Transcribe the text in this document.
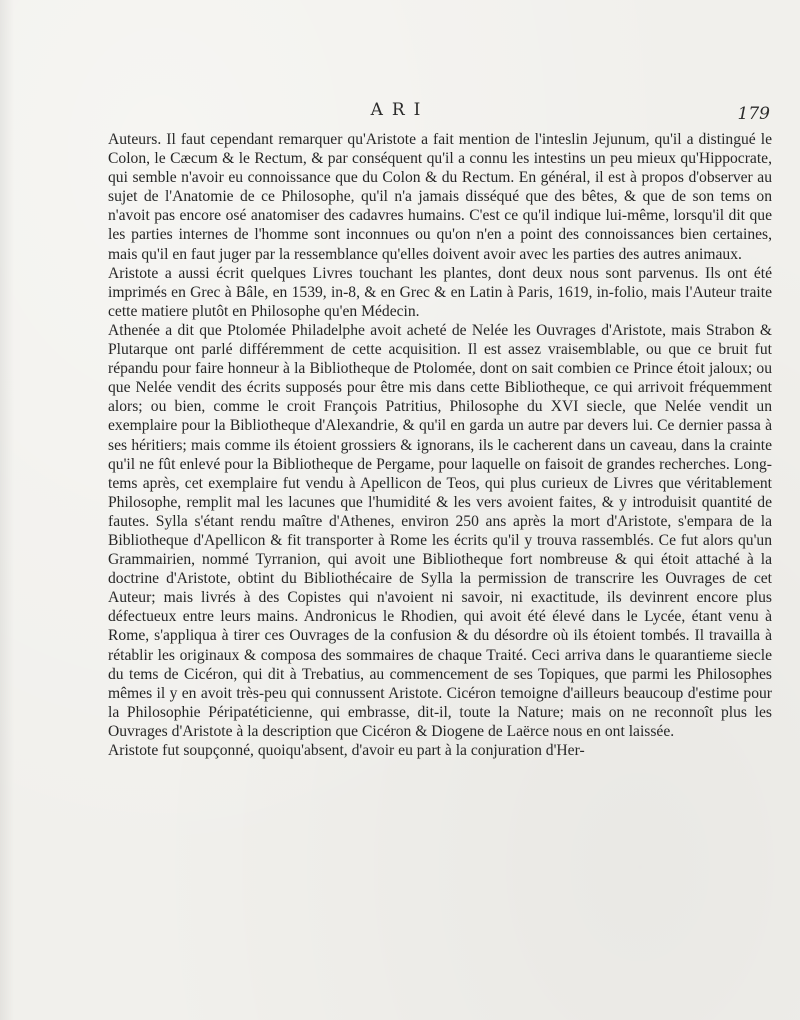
ARI	179

Auteurs. Il faut cependant remarquer qu'Aristote a fait mention de l'inteslin Jejunum, qu'il a distingué le Colon, le Cæcum & le Rectum, & par conséquent qu'il a connu les intestins un peu mieux qu'Hippocrate, qui semble n'avoir eu connoissance que du Colon & du Rectum. En général, il est à propos d'observer au sujet de l'Anatomie de ce Philosophe, qu'il n'a jamais disséqué que des bêtes, & que de son tems on n'avoit pas encore osé anatomiser des cadavres humains. C'est ce qu'il indique lui-même, lorsqu'il dit que les parties internes de l'homme sont inconnues ou qu'on n'en a point des connoissances bien certaines, mais qu'il en faut juger par la ressemblance qu'elles doivent avoir avec les parties des autres animaux.

Aristote a aussi écrit quelques Livres touchant les plantes, dont deux nous sont parvenus. Ils ont été imprimés en Grec à Bâle, en 1539, in-8, & en Grec & en Latin à Paris, 1619, in-folio, mais l'Auteur traite cette matiere plutôt en Philosophe qu'en Médecin.

Athenée a dit que Ptolomée Philadelphe avoit acheté de Nelée les Ouvrages d'Aristote, mais Strabon & Plutarque ont parlé différemment de cette acquisition. Il est assez vraisemblable, ou que ce bruit fut répandu pour faire honneur à la Bibliotheque de Ptolomée, dont on sait combien ce Prince étoit jaloux; ou que Nelée vendit des écrits supposés pour être mis dans cette Bibliotheque, ce qui arrivoit fréquemment alors; ou bien, comme le croit François Patritius, Philosophe du XVI siecle, que Nelée vendit un exemplaire pour la Bibliotheque d'Alexandrie, & qu'il en garda un autre par devers lui. Ce dernier passa à ses héritiers; mais comme ils étoient grossiers & ignorans, ils le cacherent dans un caveau, dans la crainte qu'il ne fût enlevé pour la Bibliotheque de Pergame, pour laquelle on faisoit de grandes recherches. Long-tems après, cet exemplaire fut vendu à Apellicon de Teos, qui plus curieux de Livres que véritablement Philosophe, remplit mal les lacunes que l'humidité & les vers avoient faites, & y introduisit quantité de fautes. Sylla s'étant rendu maître d'Athenes, environ 250 ans après la mort d'Aristote, s'empara de la Bibliotheque d'Apellicon & fit transporter à Rome les écrits qu'il y trouva rassemblés. Ce fut alors qu'un Grammairien, nommé Tyrranion, qui avoit une Bibliotheque fort nombreuse & qui étoit attaché à la doctrine d'Aristote, obtint du Bibliothécaire de Sylla la permission de transcrire les Ouvrages de cet Auteur; mais livrés à des Copistes qui n'avoient ni savoir, ni exactitude, ils devinrent encore plus défectueux entre leurs mains. Andronicus le Rhodien, qui avoit été élevé dans le Lycée, étant venu à Rome, s'appliqua à tirer ces Ouvrages de la confusion & du désordre où ils étoient tombés. Il travailla à rétablir les originaux & composa des sommaires de chaque Traité. Ceci arriva dans le quarantieme siecle du tems de Cicéron, qui dit à Trebatius, au commencement de ses Topiques, que parmi les Philosophes mêmes il y en avoit très-peu qui connussent Aristote. Cicéron temoigne d'ailleurs beaucoup d'estime pour la Philosophie Péripatéticienne, qui embrasse, dit-il, toute la Nature; mais on ne reconnoît plus les Ouvrages d'Aristote à la description que Cicéron & Diogene de Laërce nous en ont laissée.

Aristote fut soupçonné, quoiqu'absent, d'avoir eu part à la conjuration d'Her-
